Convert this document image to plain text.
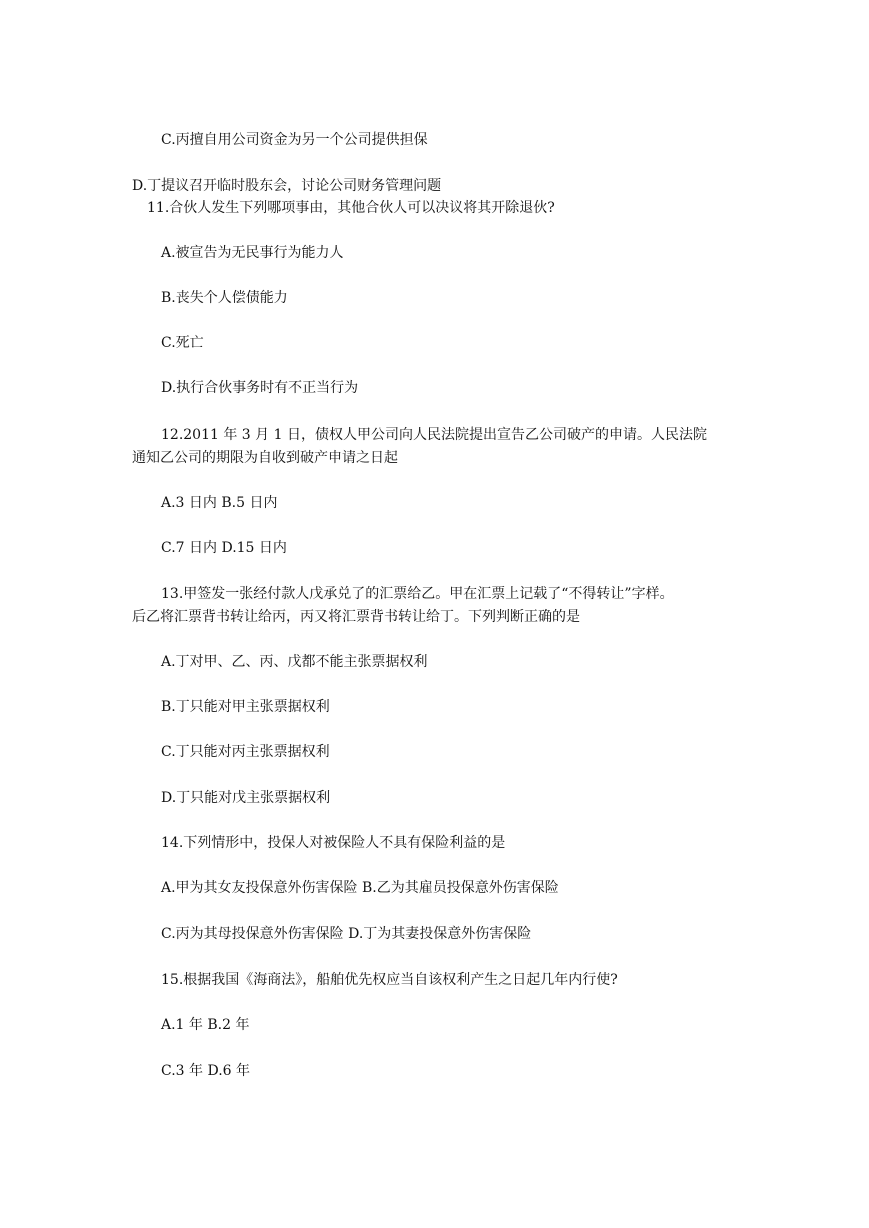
C.丙擅自用公司资金为另一个公司提供担保

D.丁提议召开临时股东会，讨论公司财务管理问题

11.合伙人发生下列哪项事由，其他合伙人可以决议将其开除退伙?

A.被宣告为无民事行为能力人

B.丧失个人偿债能力

C.死亡

D.执行合伙事务时有不正当行为

12.2011 年 3 月 1 日，债权人甲公司向人民法院提出宣告乙公司破产的申请。人民法院

通知乙公司的期限为自收到破产申请之日起

A.3 日内 B.5 日内

C.7 日内 D.15 日内

13.甲签发一张经付款人戊承兑了的汇票给乙。甲在汇票上记载了“不得转让”字样。

后乙将汇票背书转让给丙，丙又将汇票背书转让给丁。下列判断正确的是

A.丁对甲、乙、丙、戊都不能主张票据权利

B.丁只能对甲主张票据权利

C.丁只能对丙主张票据权利

D.丁只能对戊主张票据权利

14.下列情形中，投保人对被保险人不具有保险利益的是

A.甲为其女友投保意外伤害保险 B.乙为其雇员投保意外伤害保险

C.丙为其母投保意外伤害保险 D.丁为其妻投保意外伤害保险

15.根据我国《海商法》，船舶优先权应当自该权利产生之日起几年内行使?

A.1 年 B.2 年

C.3 年 D.6 年
